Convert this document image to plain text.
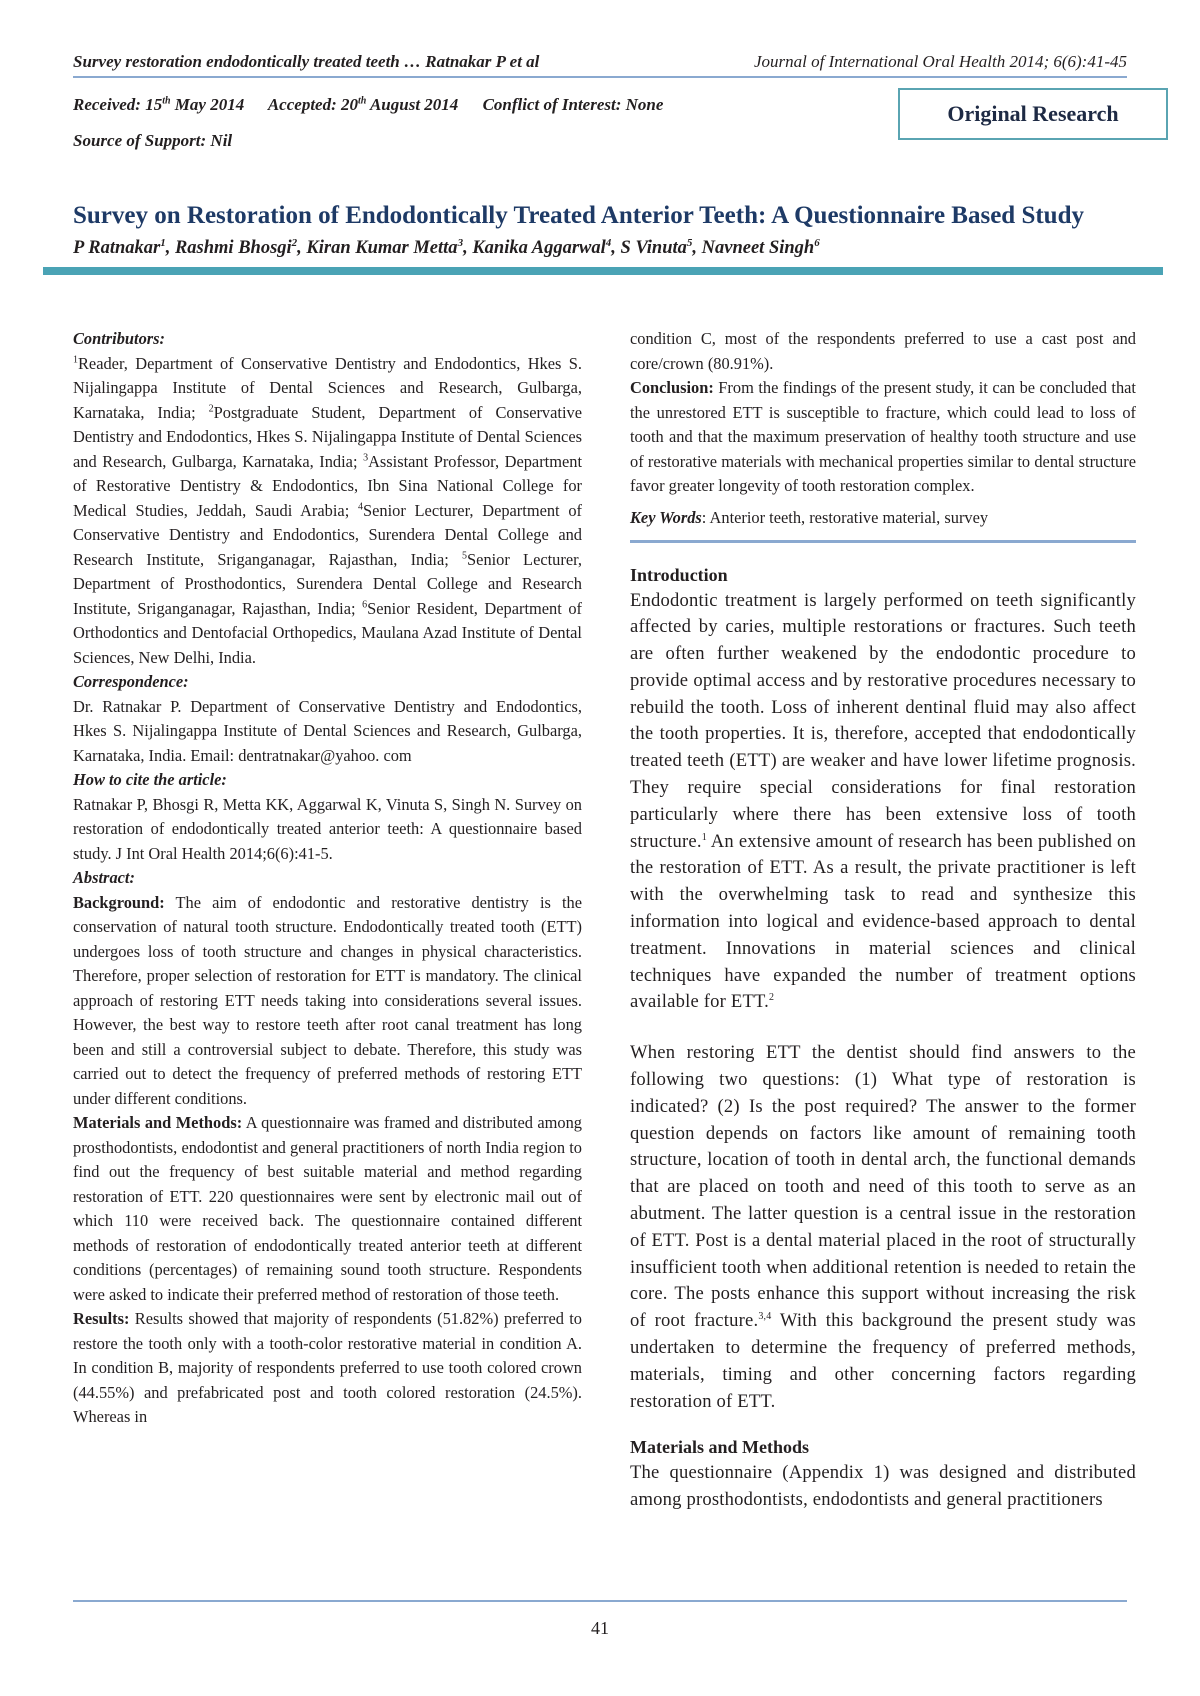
Survey restoration endodontically treated teeth … Ratnakar P et al	Journal of International Oral Health 2014; 6(6):41-45
Received: 15th May 2014 Accepted: 20th August 2014 Conflict of Interest: None
Source of Support: Nil
Original Research
Survey on Restoration of Endodontically Treated Anterior Teeth: A Questionnaire Based Study
P Ratnakar$^1$, Rashmi Bhosgi$^2$, Kiran Kumar Metta$^3$, Kanika Aggarwal$^4$, S Vinuta$^5$, Navneet Singh$^6$

Contributors:

$^1$Reader, Department of Conservative Dentistry and Endodontics, Hkes S. Nijalingappa Institute of Dental Sciences and Research, Gulbarga, Karnataka, India; $^2$Postgraduate Student, Department of Conservative Dentistry and Endodontics, Hkes S. Nijalingappa Institute of Dental Sciences and Research, Gulbarga, Karnataka, India; $^3$Assistant Professor, Department of Restorative Dentistry & Endodontics, Ibn Sina National College for Medical Studies, Jeddah, Saudi Arabia; $^4$Senior Lecturer, Department of Conservative Dentistry and Endodontics, Surendera Dental College and Research Institute, Sriganganagar, Rajasthan, India; $^5$Senior Lecturer, Department of Prosthodontics, Surendera Dental College and Research Institute, Sriganganagar, Rajasthan, India; $^6$Senior Resident, Department of Orthodontics and Dentofacial Orthopedics, Maulana Azad Institute of Dental Sciences, New Delhi, India.

Correspondence:

Dr. Ratnakar P. Department of Conservative Dentistry and Endodontics, Hkes S. Nijalingappa Institute of Dental Sciences and Research, Gulbarga, Karnataka, India. Email: dentratnakar@yahoo. com

How to cite the article:

Ratnakar P, Bhosgi R, Metta KK, Aggarwal K, Vinuta S, Singh N. Survey on restoration of endodontically treated anterior teeth: A questionnaire based study. J Int Oral Health 2014;6(6):41-5.

Abstract:

Background: The aim of endodontic and restorative dentistry is the conservation of natural tooth structure. Endodontically treated tooth (ETT) undergoes loss of tooth structure and changes in physical characteristics. Therefore, proper selection of restoration for ETT is mandatory. The clinical approach of restoring ETT needs taking into considerations several issues. However, the best way to restore teeth after root canal treatment has long been and still a controversial subject to debate. Therefore, this study was carried out to detect the frequency of preferred methods of restoring ETT under different conditions.

Materials and Methods: A questionnaire was framed and distributed among prosthodontists, endodontist and general practitioners of north India region to find out the frequency of best suitable material and method regarding restoration of ETT. 220 questionnaires were sent by electronic mail out of which 110 were received back. The questionnaire contained different methods of restoration of endodontically treated anterior teeth at different conditions (percentages) of remaining sound tooth structure. Respondents were asked to indicate their preferred method of restoration of those teeth.

Results: Results showed that majority of respondents (51.82%) preferred to restore the tooth only with a tooth-color restorative material in condition A. In condition B, majority of respondents preferred to use tooth colored crown (44.55%) and prefabricated post and tooth colored restoration (24.5%). Whereas in

condition C, most of the respondents preferred to use a cast post and core/crown (80.91%).

Conclusion: From the findings of the present study, it can be concluded that the unrestored ETT is susceptible to fracture, which could lead to loss of tooth and that the maximum preservation of healthy tooth structure and use of restorative materials with mechanical properties similar to dental structure favor greater longevity of tooth restoration complex.

Key Words: Anterior teeth, restorative material, survey

Introduction

Endodontic treatment is largely performed on teeth significantly affected by caries, multiple restorations or fractures. Such teeth are often further weakened by the endodontic procedure to provide optimal access and by restorative procedures necessary to rebuild the tooth. Loss of inherent dentinal fluid may also affect the tooth properties. It is, therefore, accepted that endodontically treated teeth (ETT) are weaker and have lower lifetime prognosis. They require special considerations for final restoration particularly where there has been extensive loss of tooth structure.$^1$ An extensive amount of research has been published on the restoration of ETT. As a result, the private practitioner is left with the overwhelming task to read and synthesize this information into logical and evidence-based approach to dental treatment. Innovations in material sciences and clinical techniques have expanded the number of treatment options available for ETT.$^2$

When restoring ETT the dentist should find answers to the following two questions: (1) What type of restoration is indicated? (2) Is the post required? The answer to the former question depends on factors like amount of remaining tooth structure, location of tooth in dental arch, the functional demands that are placed on tooth and need of this tooth to serve as an abutment. The latter question is a central issue in the restoration of ETT. Post is a dental material placed in the root of structurally insufficient tooth when additional retention is needed to retain the core. The posts enhance this support without increasing the risk of root fracture.$^{3,4}$ With this background the present study was undertaken to determine the frequency of preferred methods, materials, timing and other concerning factors regarding restoration of ETT.

Materials and Methods

The questionnaire (Appendix 1) was designed and distributed among prosthodontists, endodontists and general practitioners

41
